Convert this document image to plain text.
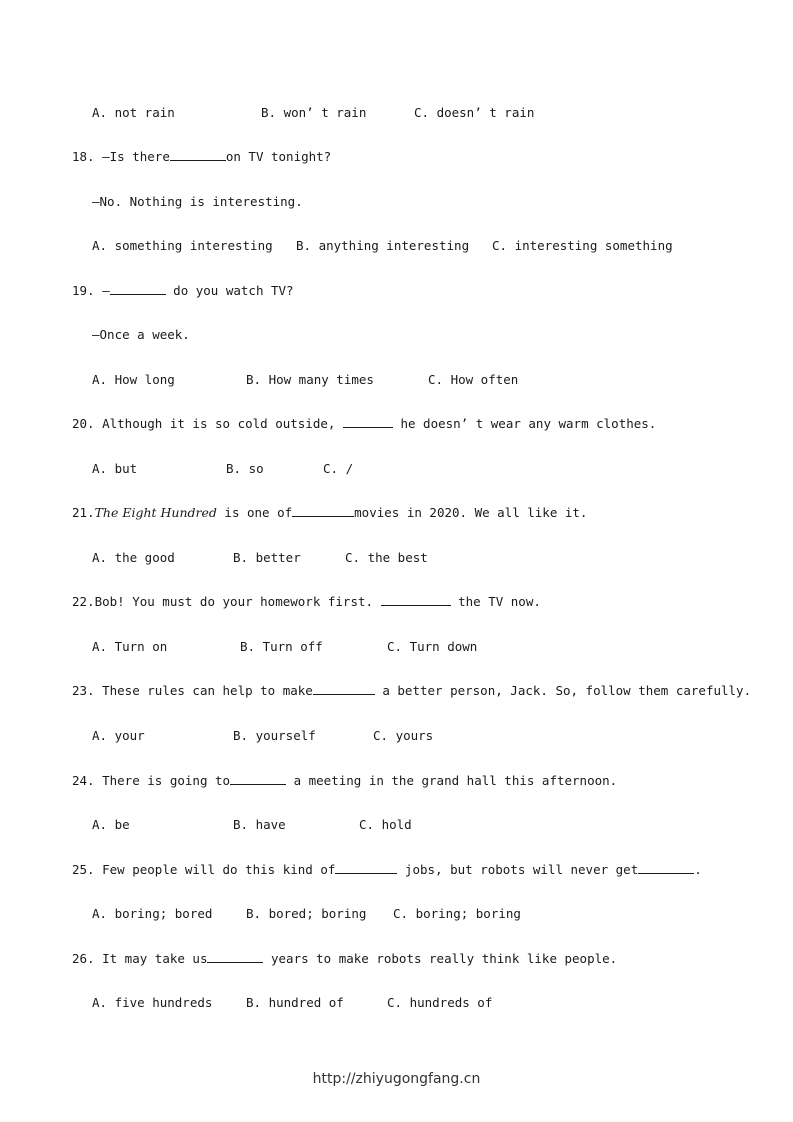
A. not rain	B. won’ t rain	C. doesn’ t rain
18. —Is there	on TV tonight?
—No. Nothing is interesting.
A. something interesting B. anything interesting C. interesting something
19. —	do you watch TV?
—Once a week.
A. How long	B. How many times	C. How often
20. Although it is so cold outside,	he doesn’ t wear any warm clothes.
A. but	B. so	C. /
21.The Eight Hundred is one of	movies in 2020. We all like it.
A. the good	B. better	C. the best
22.Bob! You must do your homework first.	the TV now.
A. Turn on	B. Turn off	C. Turn down
23. These rules can help to make	a better person, Jack. So, follow them carefully.
A. your	B. yourself	C. yours
24. There is going to	a meeting in the grand hall this afternoon.
A. be	B. have	C. hold
25. Few people will do this kind of	jobs, but robots will never get	.
A. boring; bored	B. bored; boring C. boring; boring
26. It may take us	years to make robots really think like people.
A. five hundreds	B. hundred of	C. hundreds of
http://zhiyugongfang.cn
